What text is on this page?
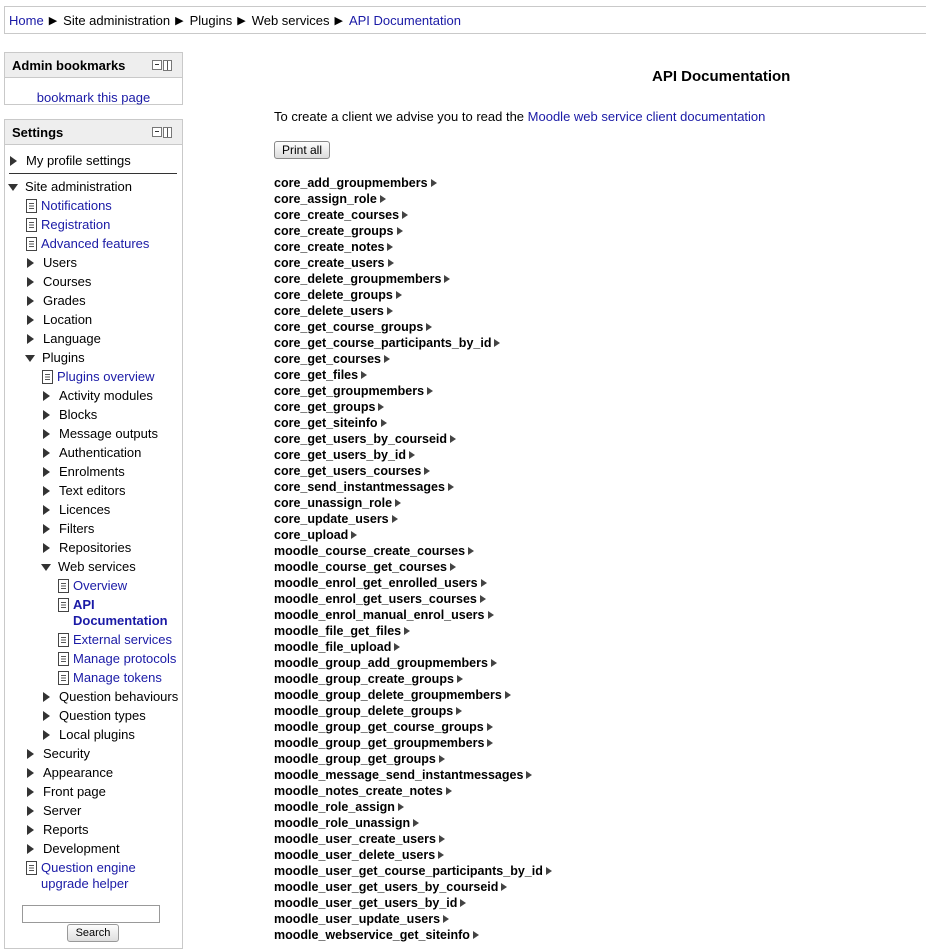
Home ▶ Site administration ▶ Plugins ▶ Web services ▶ API Documentation
Admin bookmarks
bookmark this page
Settings
My profile settings
Site administration
Notifications
Registration
Advanced features
Users
Courses
Grades
Location
Language
Plugins
Plugins overview
Activity modules
Blocks
Message outputs
Authentication
Enrolments
Text editors
Licences
Filters
Repositories
Web services
Overview
API
Documentation
External services
Manage protocols
Manage tokens
Question behaviours
Question types
Local plugins
Security
Appearance
Front page
Server
Reports
Development
Question engine
upgrade helper
Search
API Documentation
To create a client we advise you to read the Moodle web service client documentation
Print all
core_add_groupmembers
core_assign_role
core_create_courses
core_create_groups
core_create_notes
core_create_users
core_delete_groupmembers
core_delete_groups
core_delete_users
core_get_course_groups
core_get_course_participants_by_id
core_get_courses
core_get_files
core_get_groupmembers
core_get_groups
core_get_siteinfo
core_get_users_by_courseid
core_get_users_by_id
core_get_users_courses
core_send_instantmessages
core_unassign_role
core_update_users
core_upload
moodle_course_create_courses
moodle_course_get_courses
moodle_enrol_get_enrolled_users
moodle_enrol_get_users_courses
moodle_enrol_manual_enrol_users
moodle_file_get_files
moodle_file_upload
moodle_group_add_groupmembers
moodle_group_create_groups
moodle_group_delete_groupmembers
moodle_group_delete_groups
moodle_group_get_course_groups
moodle_group_get_groupmembers
moodle_group_get_groups
moodle_message_send_instantmessages
moodle_notes_create_notes
moodle_role_assign
moodle_role_unassign
moodle_user_create_users
moodle_user_delete_users
moodle_user_get_course_participants_by_id
moodle_user_get_users_by_courseid
moodle_user_get_users_by_id
moodle_user_update_users
moodle_webservice_get_siteinfo
